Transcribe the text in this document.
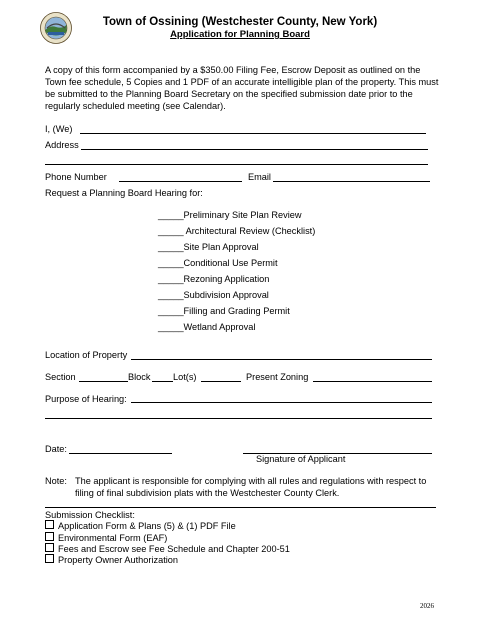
Town of Ossining (Westchester County, New York)
Application for Planning Board
A copy of this form accompanied by a $350.00 Filing Fee, Escrow Deposit as outlined on the Town fee schedule, 5 Copies and 1 PDF of an accurate intelligible plan of the property. This must be submitted to the Planning Board Secretary on the specified submission date prior to the regularly scheduled meeting (see Calendar).
I, (We)
Address
Phone Number	Email
Request a Planning Board Hearing for:
_____Preliminary Site Plan Review
_____ Architectural Review (Checklist)
_____Site Plan Approval
_____Conditional Use Permit
_____Rezoning Application
_____Subdivision Approval
_____Filling and Grading Permit
_____Wetland Approval
Location of Property
Section	Block Lot(s)	Present Zoning
Purpose of Hearing:
Date:
Signature of Applicant
Note: The applicant is responsible for complying with all rules and regulations with respect to
filing of final subdivision plats with the Westchester County Clerk.
Submission Checklist:
Application Form & Plans (5) & (1) PDF File
Environmental Form (EAF)
Fees and Escrow see Fee Schedule and Chapter 200-51
Property Owner Authorization
2026
